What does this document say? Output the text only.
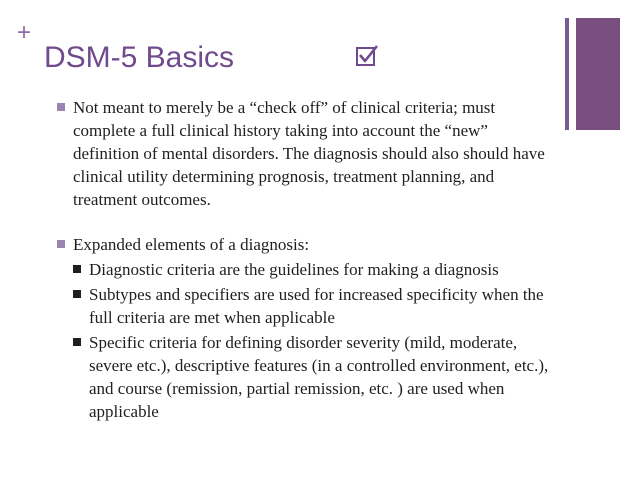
+
DSM-5 Basics

Not meant to merely be a “check off” of clinical criteria; must complete a full clinical history taking into account the “new” definition of mental disorders. The diagnosis should also should have clinical utility determining prognosis, treatment planning, and treatment outcomes.

Expanded elements of a diagnosis:

Diagnostic criteria are the guidelines for making a diagnosis

Subtypes and specifiers are used for increased specificity when the full criteria are met when applicable

Specific criteria for defining disorder severity (mild, moderate, severe etc.), descriptive features (in a controlled environment, etc.), and course (remission, partial remission, etc. ) are used when applicable
